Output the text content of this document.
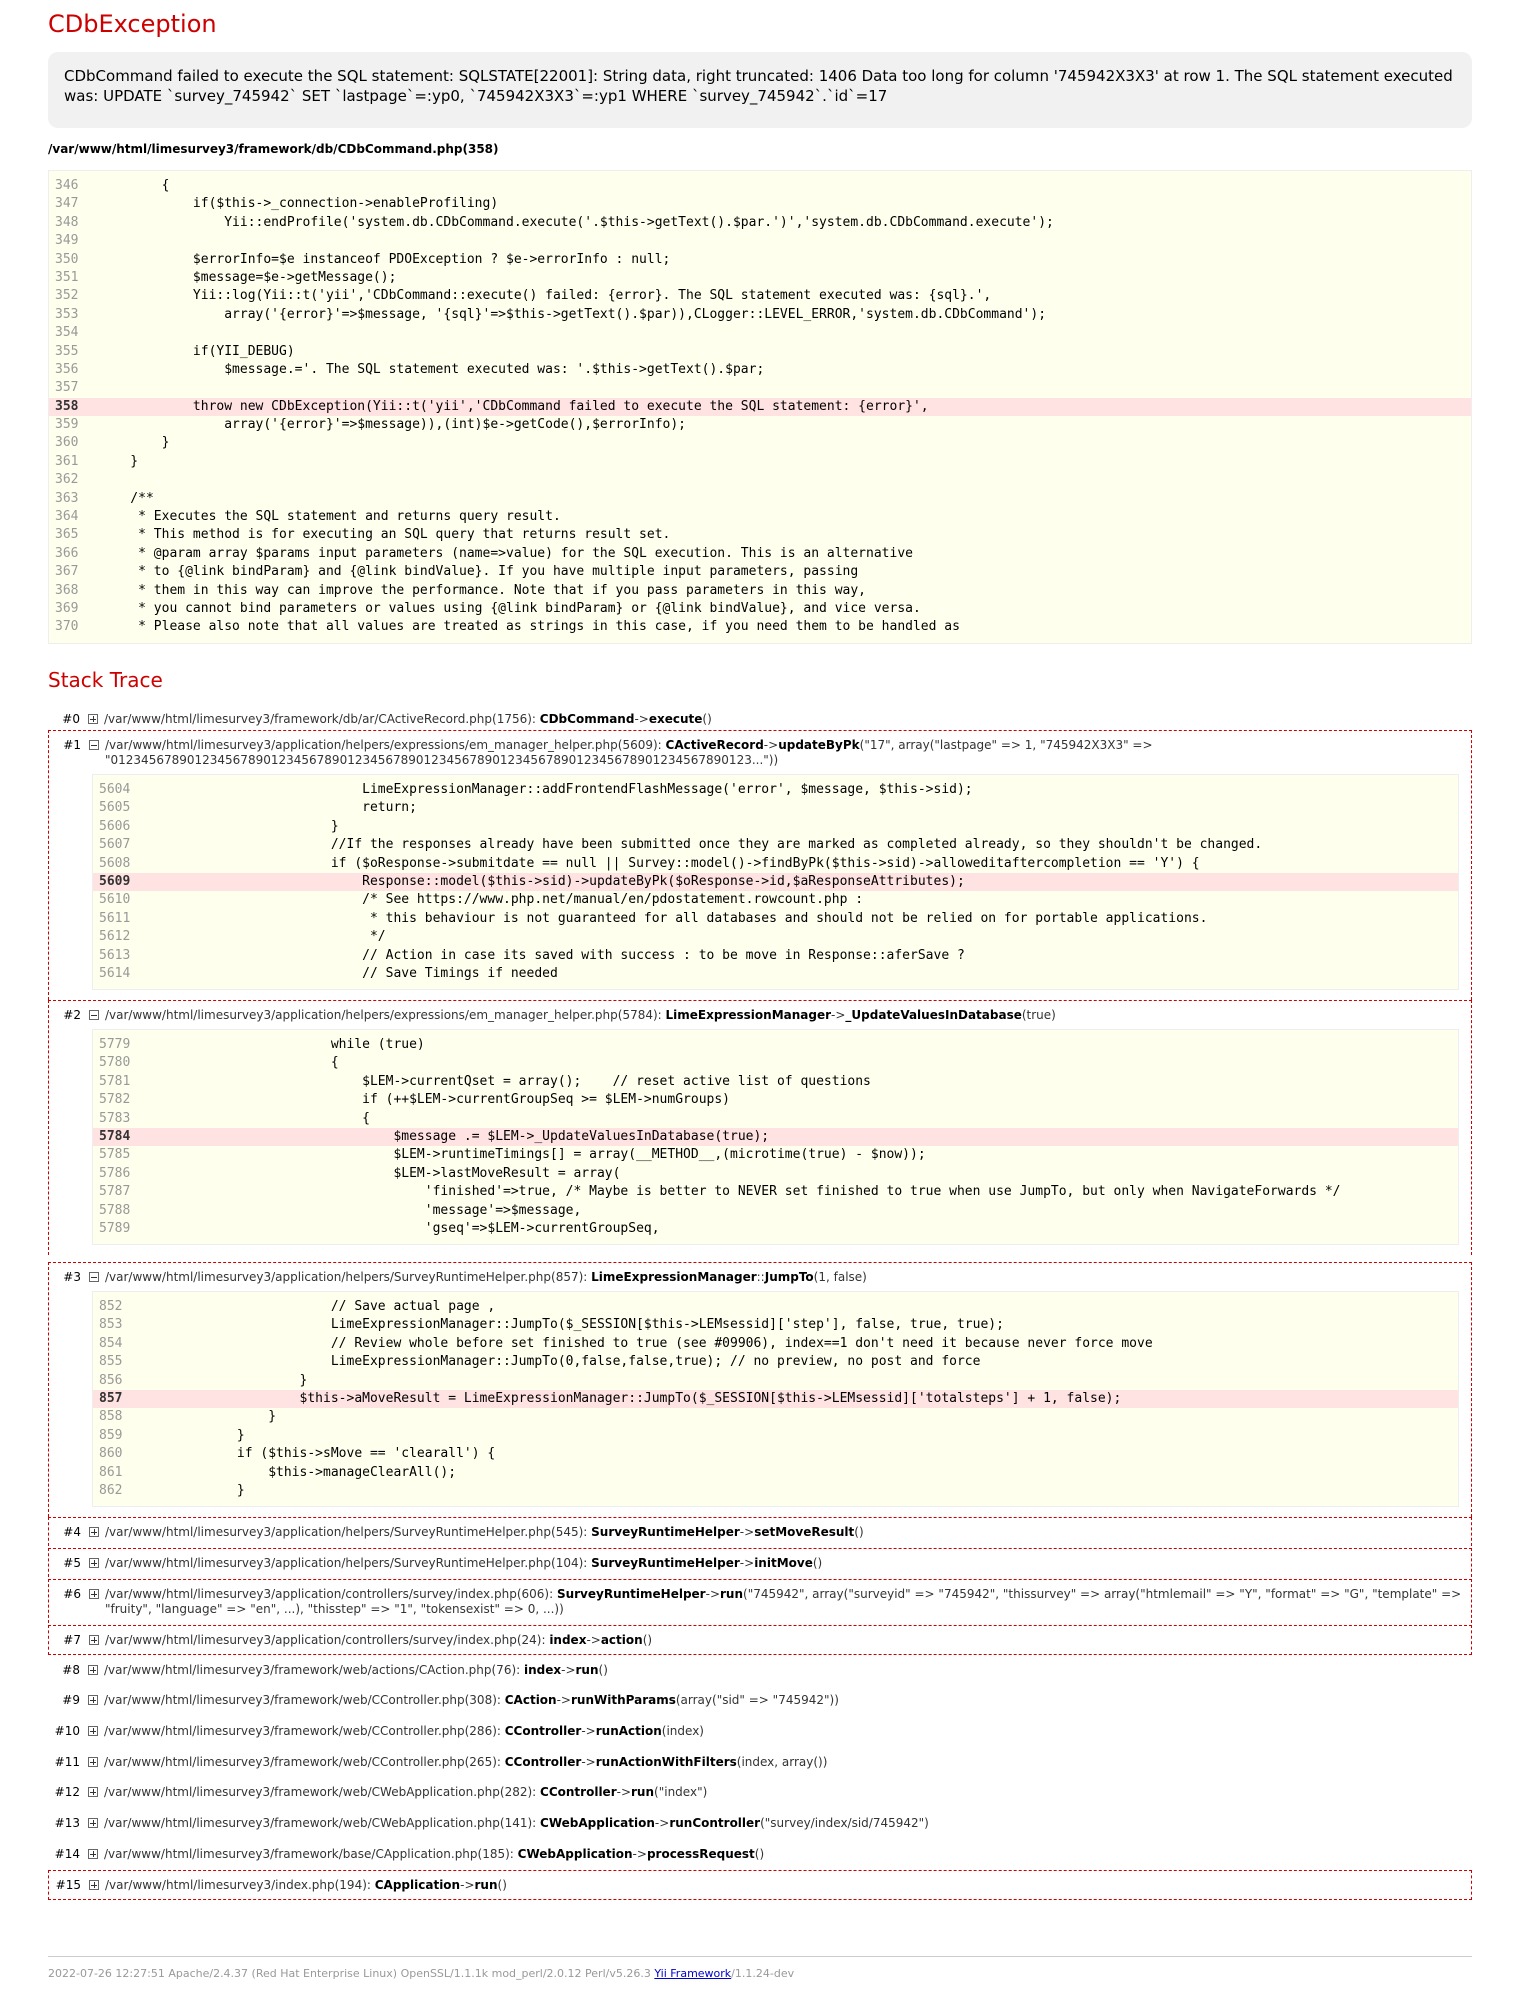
CDbException
CDbCommand failed to execute the SQL statement: SQLSTATE[22001]: String data, right truncated: 1406 Data too long for column '745942X3X3' at row 1. The SQL statement executed was: UPDATE `survey_745942` SET `lastpage`=:yp0, `745942X3X3`=:yp1 WHERE `survey_745942`.`id`=17
/var/www/html/limesurvey3/framework/db/CDbCommand.php(358)
346	{
347	if($this->_connection->enableProfiling)
348	Yii::endProfile('system.db.CDbCommand.execute('.$this->getText().$par.')','system.db.CDbCommand.execute');
349
350	$errorInfo=$e instanceof PDOException ? $e->errorInfo : null;
351	$message=$e->getMessage();
352	Yii::log(Yii::t('yii','CDbCommand::execute() failed: {error}. The SQL statement executed was: {sql}.',
353	array('{error}'=>$message, '{sql}'=>$this->getText().$par)),CLogger::LEVEL_ERROR,'system.db.CDbCommand');
354
355	if(YII_DEBUG)
356	$message.='. The SQL statement executed was: '.$this->getText().$par;
357
358	throw new CDbException(Yii::t('yii','CDbCommand failed to execute the SQL statement: {error}',
359	array('{error}'=>$message)),(int)$e->getCode(),$errorInfo);
360	}
361	}
362
363	/**
364	* Executes the SQL statement and returns query result.
365	* This method is for executing an SQL query that returns result set.
366	* @param array $params input parameters (name=>value) for the SQL execution. This is an alternative
367	* to {@link bindParam} and {@link bindValue}. If you have multiple input parameters, passing
368	* them in this way can improve the performance. Note that if you pass parameters in this way,
369	* you cannot bind parameters or values using {@link bindParam} or {@link bindValue}, and vice versa.
370	* Please also note that all values are treated as strings in this case, if you need them to be handled as
Stack Trace
#0	/var/www/html/limesurvey3/framework/db/ar/CActiveRecord.php(1756): CDbCommand->execute()
#1	/var/www/html/limesurvey3/application/helpers/expressions/em_manager_helper.php(5609): CActiveRecord->updateByPk("17", array("lastpage" => 1, "745942X3X3" => "012345678901234567890123456789012345678901234567890123456789012345678901234567890123..."))
5604 LimeExpressionManager::addFrontendFlashMessage('error', $message, $this->sid);
5605 return;
5606 }
5607 //If the responses already have been submitted once they are marked as completed already, so they shouldn't be changed.
5608 if ($oResponse->submitdate == null || Survey::model()->findByPk($this->sid)->alloweditaftercompletion == 'Y') {
5609 Response::model($this->sid)->updateByPk($oResponse->id,$aResponseAttributes);
5610 /* See https://www.php.net/manual/en/pdostatement.rowcount.php :
5611 * this behaviour is not guaranteed for all databases and should not be relied on for portable applications.
5612 */
5613 // Action in case its saved with success : to be move in Response::aferSave ?
5614 // Save Timings if needed
#2	/var/www/html/limesurvey3/application/helpers/expressions/em_manager_helper.php(5784): LimeExpressionManager->_UpdateValuesInDatabase(true)
5779 while (true)
5780 {
5781 $LEM->currentQset = array();    // reset active list of questions
5782 if (++$LEM->currentGroupSeq >= $LEM->numGroups)
5783 {
5784 $message .= $LEM->_UpdateValuesInDatabase(true);
5785 $LEM->runtimeTimings[] = array(__METHOD__,(microtime(true) - $now));
5786 $LEM->lastMoveResult = array(
5787 'finished'=>true, /* Maybe is better to NEVER set finished to true when use JumpTo, but only when NavigateForwards */
5788 'message'=>$message,
5789 'gseq'=>$LEM->currentGroupSeq,
#3	/var/www/html/limesurvey3/application/helpers/SurveyRuntimeHelper.php(857): LimeExpressionManager::JumpTo(1, false)
852	// Save actual page ,
853	LimeExpressionManager::JumpTo($_SESSION[$this->LEMsessid]['step'], false, true, true);
854	// Review whole before set finished to true (see #09906), index==1 don't need it because never force move
855	LimeExpressionManager::JumpTo(0,false,false,true); // no preview, no post and force
856	}
857	$this->aMoveResult = LimeExpressionManager::JumpTo($_SESSION[$this->LEMsessid]['totalsteps'] + 1, false);
858	}
859	}
860	if ($this->sMove == 'clearall') {
861	$this->manageClearAll();
862	}
#4	/var/www/html/limesurvey3/application/helpers/SurveyRuntimeHelper.php(545): SurveyRuntimeHelper->setMoveResult()
#5	/var/www/html/limesurvey3/application/helpers/SurveyRuntimeHelper.php(104): SurveyRuntimeHelper->initMove()
#6	/var/www/html/limesurvey3/application/controllers/survey/index.php(606): SurveyRuntimeHelper->run("745942", array("surveyid" => "745942", "thissurvey" => array("htmlemail" => "Y", "format" => "G", "template" => "fruity", "language" => "en", ...), "thisstep" => "1", "tokensexist" => 0, ...))
#7	/var/www/html/limesurvey3/application/controllers/survey/index.php(24): index->action()
#8	/var/www/html/limesurvey3/framework/web/actions/CAction.php(76): index->run()
#9	/var/www/html/limesurvey3/framework/web/CController.php(308): CAction->runWithParams(array("sid" => "745942"))
#10	/var/www/html/limesurvey3/framework/web/CController.php(286): CController->runAction(index)
#11	/var/www/html/limesurvey3/framework/web/CController.php(265): CController->runActionWithFilters(index, array())
#12	/var/www/html/limesurvey3/framework/web/CWebApplication.php(282): CController->run("index")
#13	/var/www/html/limesurvey3/framework/web/CWebApplication.php(141): CWebApplication->runController("survey/index/sid/745942")
#14	/var/www/html/limesurvey3/framework/base/CApplication.php(185): CWebApplication->processRequest()
#15	/var/www/html/limesurvey3/index.php(194): CApplication->run()
2022-07-26 12:27:51 Apache/2.4.37 (Red Hat Enterprise Linux) OpenSSL/1.1.1k mod_perl/2.0.12 Perl/v5.26.3 Yii Framework/1.1.24-dev
